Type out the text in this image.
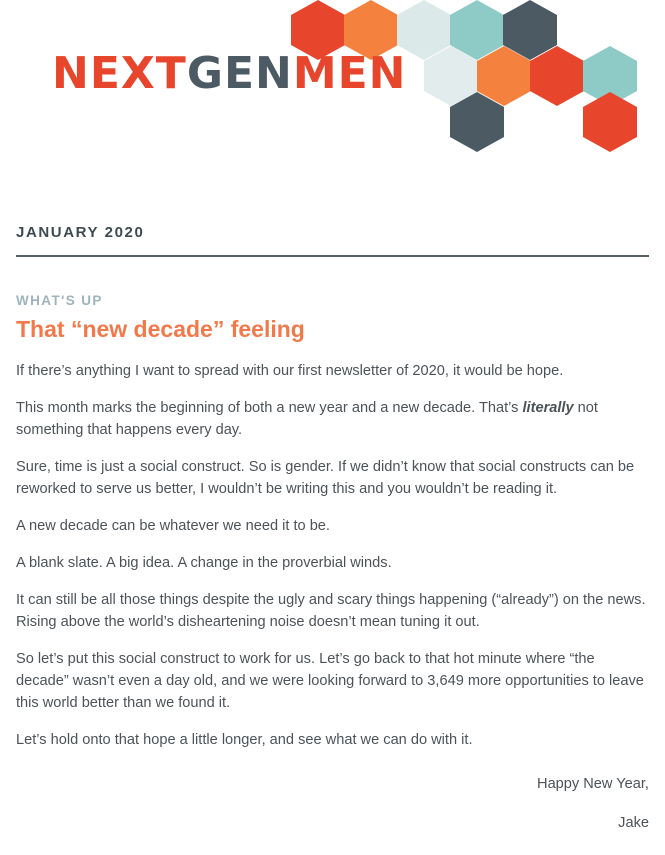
NEXTGENMEN
JANUARY 2020
WHAT'S UP
That “new decade” feeling

If there’s anything I want to spread with our first newsletter of 2020, it would be hope.

This month marks the beginning of both a new year and a new decade. That’s literally not something that happens every day.

Sure, time is just a social construct. So is gender. If we didn’t know that social constructs can be reworked to serve us better, I wouldn’t be writing this and you wouldn’t be reading it.

A new decade can be whatever we need it to be.

A blank slate. A big idea. A change in the proverbial winds.

It can still be all those things despite the ugly and scary things happening (“already”) on the news. Rising above the world’s disheartening noise doesn’t mean tuning it out.

So let’s put this social construct to work for us. Let’s go back to that hot minute where “the decade” wasn’t even a day old, and we were looking forward to 3,649 more opportunities to leave this world better than we found it.

Let’s hold onto that hope a little longer, and see what we can do with it.

Happy New Year,
Jake
